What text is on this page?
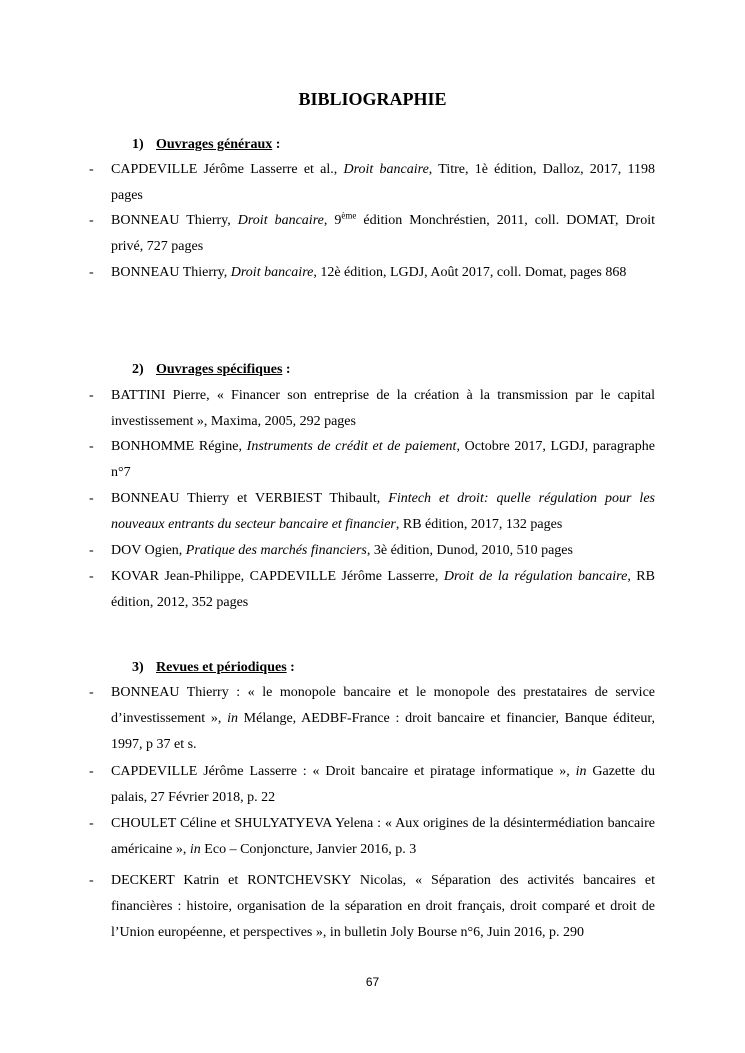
BIBLIOGRAPHIE
1) Ouvrages généraux :
- CAPDEVILLE Jérôme Lasserre et al., Droit bancaire, Titre, 1è édition, Dalloz, 2017, 1198 pages
- BONNEAU Thierry, Droit bancaire, 9ème édition Monchréstien, 2011, coll. DOMAT, Droit privé, 727 pages
- BONNEAU Thierry, Droit bancaire, 12è édition, LGDJ, Août 2017, coll. Domat, pages 868
2) Ouvrages spécifiques :
- BATTINI Pierre, « Financer son entreprise de la création à la transmission par le capital investissement », Maxima, 2005, 292 pages
- BONHOMME Régine, Instruments de crédit et de paiement, Octobre 2017, LGDJ, paragraphe n°7
- BONNEAU Thierry et VERBIEST Thibault, Fintech et droit: quelle régulation pour les nouveaux entrants du secteur bancaire et financier, RB édition, 2017, 132 pages
- DOV Ogien, Pratique des marchés financiers, 3è édition, Dunod, 2010, 510 pages
- KOVAR Jean-Philippe, CAPDEVILLE Jérôme Lasserre, Droit de la régulation bancaire, RB édition, 2012, 352 pages
3) Revues et périodiques :
- BONNEAU Thierry : « le monopole bancaire et le monopole des prestataires de service d’investissement », in Mélange, AEDBF-France : droit bancaire et financier, Banque éditeur, 1997, p 37 et s.
- CAPDEVILLE Jérôme Lasserre : « Droit bancaire et piratage informatique », in Gazette du palais, 27 Février 2018, p. 22
- CHOULET Céline et SHULYATYEVA Yelena : « Aux origines de la désintermédiation bancaire américaine », in Eco – Conjoncture, Janvier 2016, p. 3
- DECKERT Katrin et RONTCHEVSKY Nicolas, « Séparation des activités bancaires et financières : histoire, organisation de la séparation en droit français, droit comparé et droit de l’Union européenne, et perspectives », in bulletin Joly Bourse n°6, Juin 2016, p. 290
67
